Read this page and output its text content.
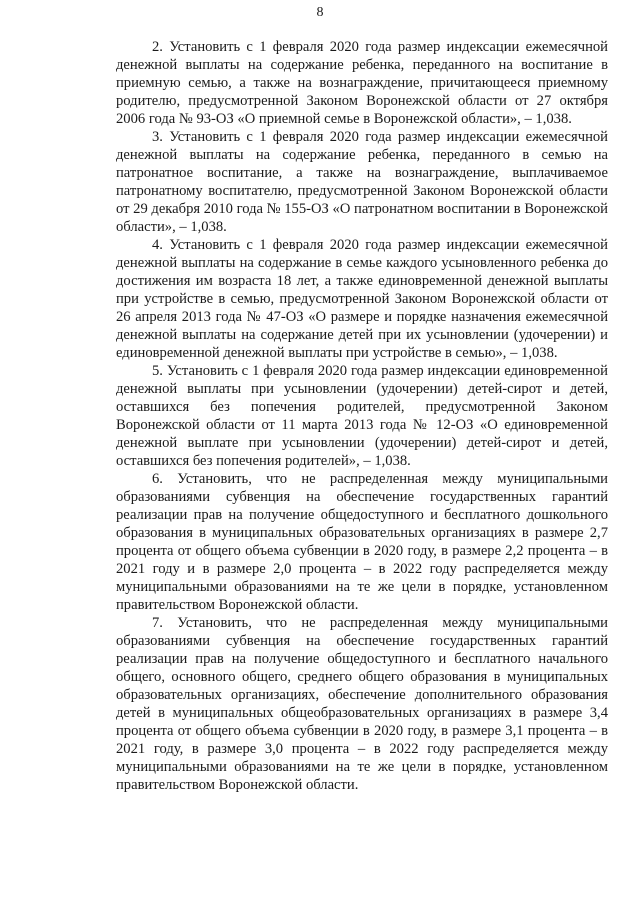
8

2. Установить с 1 февраля 2020 года размер индексации ежемесячной денежной выплаты на содержание ребенка, переданного на воспитание в приемную семью, а также на вознаграждение, причитающееся приемному родителю, предусмотренной Законом Воронежской области от 27 октября 2006 года № 93-ОЗ «О приемной семье в Воронежской области», – 1,038.

3. Установить с 1 февраля 2020 года размер индексации ежемесячной денежной выплаты на содержание ребенка, переданного в семью на патронатное воспитание, а также на вознаграждение, выплачиваемое патронатному воспитателю, предусмотренной Законом Воронежской области от 29 декабря 2010 года № 155-ОЗ «О патронатном воспитании в Воронежской области», – 1,038.

4. Установить с 1 февраля 2020 года размер индексации ежемесячной денежной выплаты на содержание в семье каждого усыновленного ребенка до достижения им возраста 18 лет, а также единовременной денежной выплаты при устройстве в семью, предусмотренной Законом Воронежской области от 26 апреля 2013 года № 47-ОЗ «О размере и порядке назначения ежемесячной денежной выплаты на содержание детей при их усыновлении (удочерении) и единовременной денежной выплаты при устройстве в семью», – 1,038.

5. Установить с 1 февраля 2020 года размер индексации единовременной денежной выплаты при усыновлении (удочерении) детей-сирот и детей, оставшихся без попечения родителей, предусмотренной Законом Воронежской области от 11 марта 2013 года № 12-ОЗ «О единовременной денежной выплате при усыновлении (удочерении) детей-сирот и детей, оставшихся без попечения родителей», – 1,038.

6. Установить, что не распределенная между муниципальными образованиями субвенция на обеспечение государственных гарантий реализации прав на получение общедоступного и бесплатного дошкольного образования в муниципальных образовательных организациях в размере 2,7 процента от общего объема субвенции в 2020 году, в размере 2,2 процента – в 2021 году и в размере 2,0 процента – в 2022 году распределяется между муниципальными образованиями на те же цели в порядке, установленном правительством Воронежской области.

7. Установить, что не распределенная между муниципальными образованиями субвенция на обеспечение государственных гарантий реализации прав на получение общедоступного и бесплатного начального общего, основного общего, среднего общего образования в муниципальных образовательных организациях, обеспечение дополнительного образования детей в муниципальных общеобразовательных организациях в размере 3,4 процента от общего объема субвенции в 2020 году, в размере 3,1 процента – в 2021 году, в размере 3,0 процента – в 2022 году распределяется между муниципальными образованиями на те же цели в порядке, установленном правительством Воронежской области.
